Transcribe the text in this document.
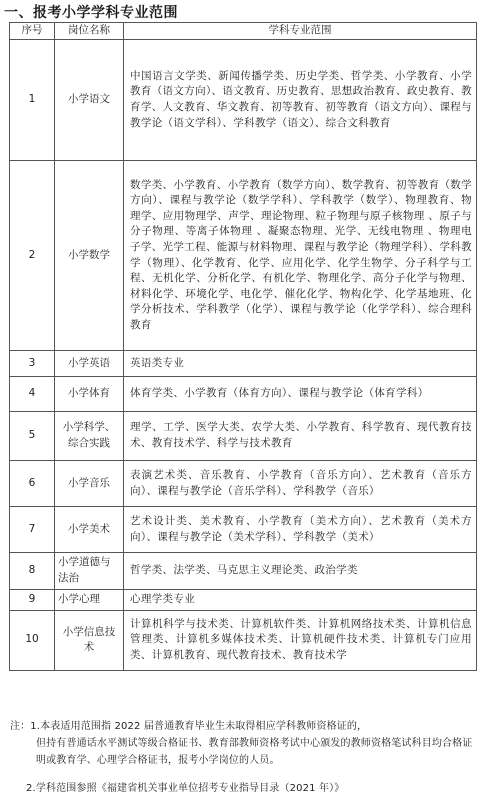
一、报考小学学科专业范围
序号	岗位名称	学科专业范围
1	小学语文	中国语言文学类、新闻传播学类、历史学类、哲学类、小学教育、小学教育（语文方向）、语文教育、历史教育、思想政治教育、政史教育、教育学、人文教育、华文教育、初等教育、初等教育（语文方向）、课程与教学论（语文学科）、学科教学（语文）、综合文科教育
2	小学数学	数学类、小学教育、小学教育（数学方向）、数学教育、初等教育（数学方向）、课程与教学论（数学学科）、学科教学（数学）、物理教育、物理学、应用物理学、声学、理论物理、粒子物理与原子核物理 、原子与分子物理、等离子体物理 、凝聚态物理、光学、无线电物理 、物理电子学、光学工程、能源与材料物理、课程与教学论（物理学科）、学科教学（物理）、化学教育、化学、应用化学、化学生物学、分子科学与工程、无机化学、分析化学、有机化学、物理化学、高分子化学与物理、材料化学、环境化学、电化学、催化化学、物构化学、化学基地班、化学分析技术、学科教学（化学）、课程与教学论（化学学科）、综合理科教育
3	小学英语	英语类专业
4	小学体育	体育学类、小学教育（体育方向）、课程与教学论（体育学科）
5	小学科学、综合实践	理学、工学、医学大类、农学大类、小学教育、科学教育、现代教育技术、教育技术学、科学与技术教育
6	小学音乐	表演艺术类、音乐教育、小学教育（音乐方向）、艺术教育（音乐方向）、课程与教学论（音乐学科）、学科教学（音乐）
7	小学美术	艺术设计类、美术教育、小学教育（美术方向）、艺术教育（美术方向）、课程与教学论（美术学科）、学科教学（美术）
8	小学道德与法治	哲学类、法学类、马克思主义理论类、政治学类
9	小学心理	心理学类专业
10	小学信息技术	计算机科学与技术类、计算机软件类、计算机网络技术类、计算机信息管理类、计算机多媒体技术类、计算机硬件技术类、计算机专门应用类、计算机教育、现代教育技术、教育技术学

注：1.本表适用范围指 2022 届普通教育毕业生未取得相应学科教师资格证的，

但持有普通话水平测试等级合格证书、教育部教师资格考试中心颁发的教师资格笔试科目均合格证明或教育学、心理学合格证书，报考小学岗位的人员。

2.学科范围参照《福建省机关事业单位招考专业指导目录（2021 年）》
